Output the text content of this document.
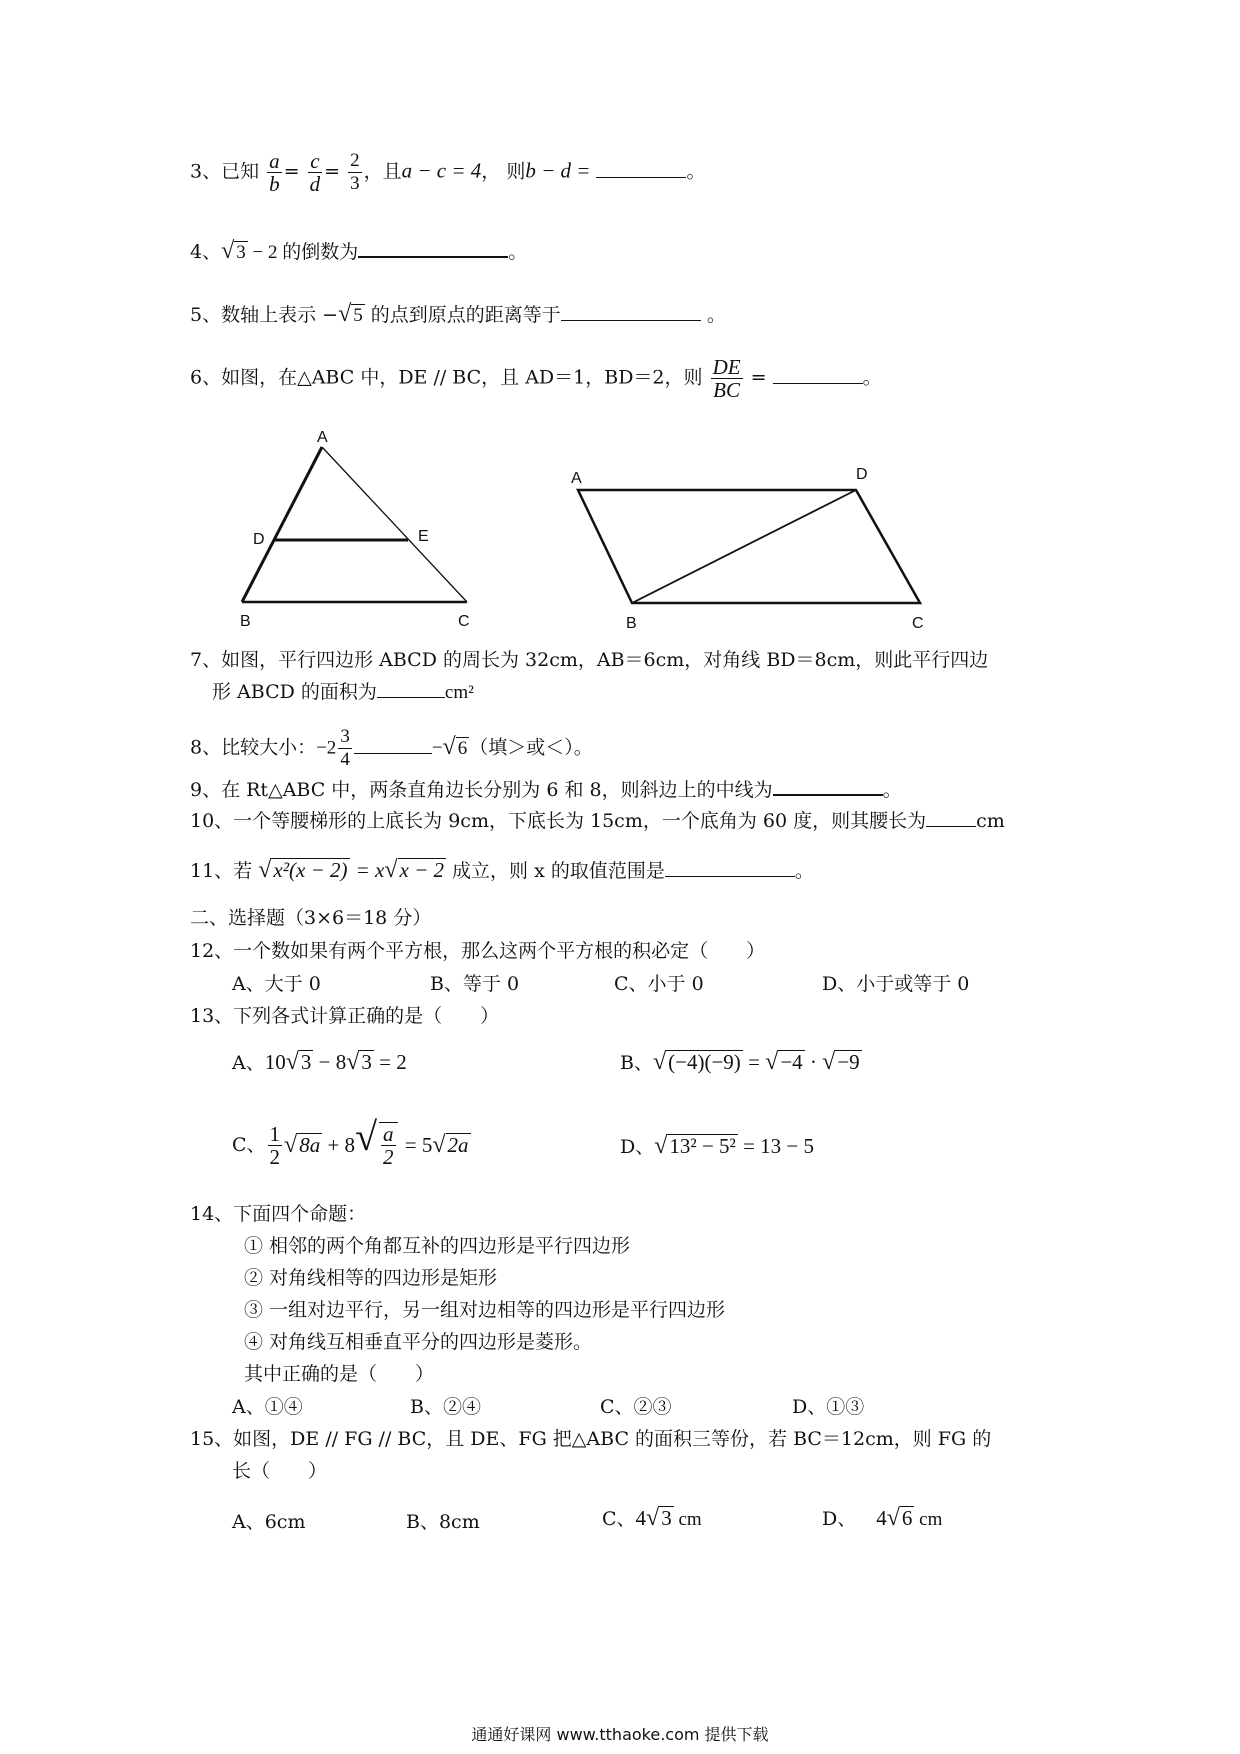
3、已知 $\frac{a}{b} = \frac{c}{d} = \frac{2}{3}$ ，且a − c = 4， 则b − d =	。
4、√ 3 − 2 的倒数为	。
5、数轴上表示 −√ 5 的点到原点的距离等于	。
6、如图，在△ABC 中，DE // BC，且 AD＝1，BD＝2，则 $\frac{DE}{BC}$ =	。
A
D	E
B	C
A	D
B	C
7、如图，平行四边形 ABCD 的周长为 32cm，AB＝6cm，对角线 BD＝8cm，则此平行四边
形 ABCD 的面积为	cm²
8、比较大小：$-2 \frac{3}{4}$	−√ 6 （填＞或＜）。
9、在 Rt△ABC 中，两条直角边长分别为 6 和 8，则斜边上的中线为	。
10、一个等腰梯形的上底长为 9cm，下底长为 15cm，一个底角为 60 度，则其腰长为	cm
11、若 √x²(x − 2) = x√x − 2 成立，则 x 的取值范围是	。
二、选择题（3×6＝18 分）
12、一个数如果有两个平方根，那么这两个平方根的积必定（　　）
A、大于 0	B、等于 0	C、小于 0	D、小于或等于 0
13、下列各式计算正确的是（　　）
A、10√3 − 8√3 = 2	B、√(−4)(−9) = √−4 · √−9
C、 $\frac{1}{2} √8a + 8√ \frac{a}{2} = 5√2a$	D、√13² − 5² = 13 − 5
14、下面四个命题：
① 相邻的两个角都互补的四边形是平行四边形
② 对角线相等的四边形是矩形
③ 一组对边平行，另一组对边相等的四边形是平行四边形
④ 对角线互相垂直平分的四边形是菱形。
其中正确的是（　　）
A、①④	B、②④	C、②③	D、①③
15、如图，DE // FG // BC，且 DE、FG 把△ABC 的面积三等份，若 BC＝12cm，则 FG 的
长（　　）
A、6cm	B、8cm	C、4√3 cm	D、 4√6 cm
通通好课网 www.tthaoke.com 提供下载
